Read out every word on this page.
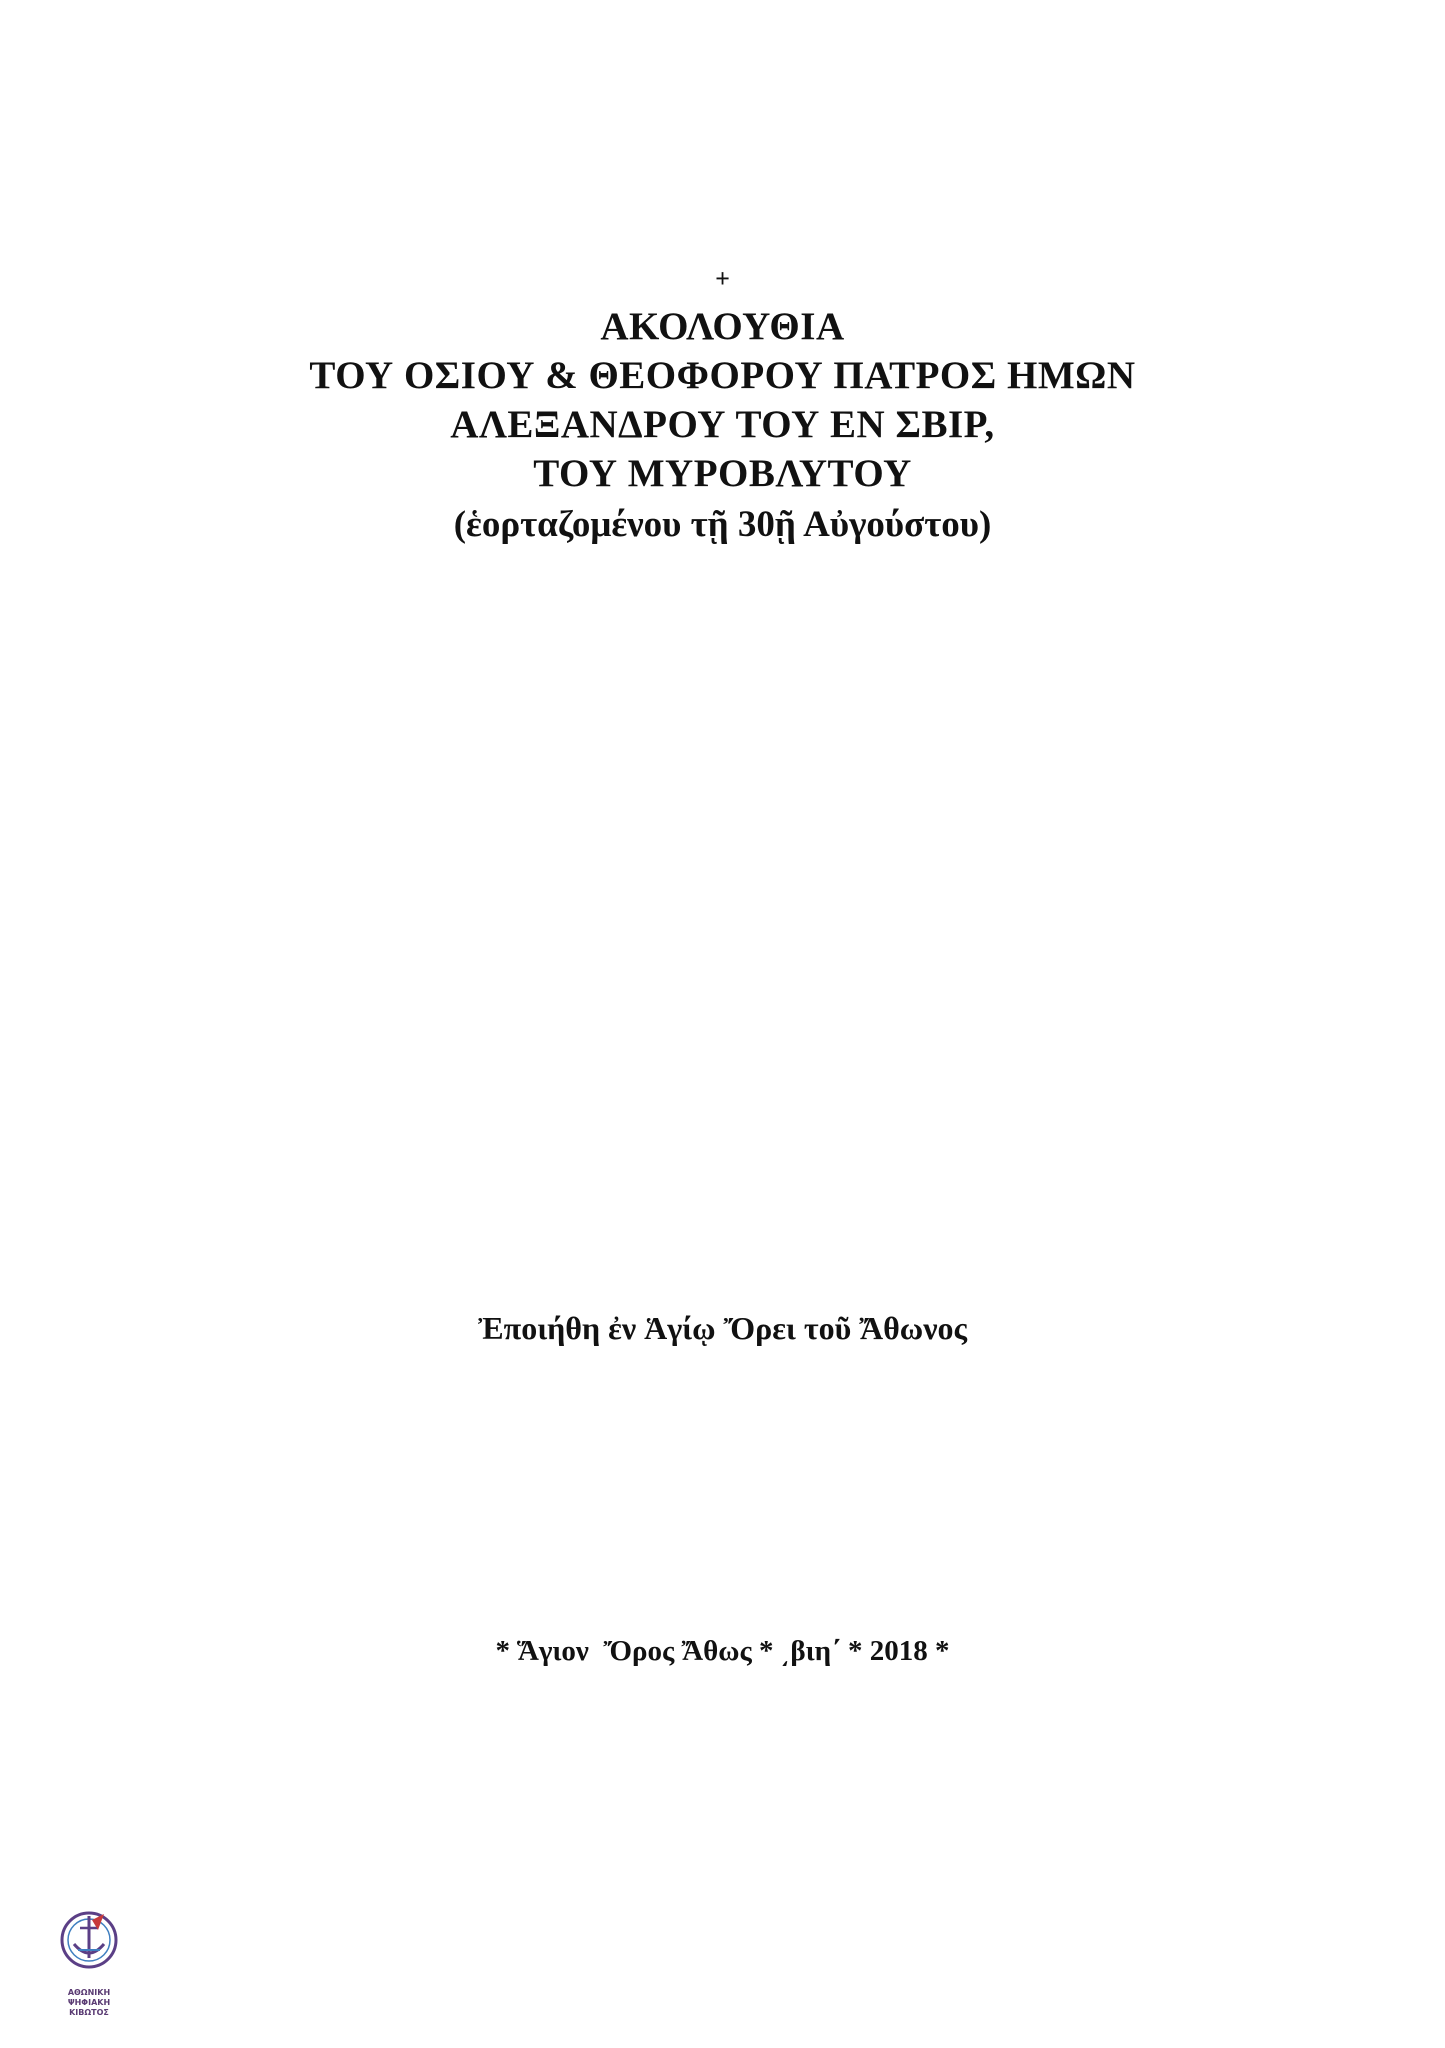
+
ΑΚΟΛΟΥΘΙΑ
ΤΟΥ ΟΣΙΟΥ & ΘΕΟΦΟΡΟΥ ΠΑΤΡΟΣ ΗΜΩΝ
ΑΛΕΞΑΝΔΡΟΥ ΤΟΥ ΕΝ ΣΒΙΡ,
ΤΟΥ ΜΥΡΟΒΛΥΤΟΥ
(ἑορταζομένου τῇ 30ῇ Αὐγούστου)
Ἐποιήθη ἐν Ἁγίῳ Ὄρει τοῦ Ἄθωνος
* Ἅγιον  Ὄρος Ἄθως * ͵βιη΄ * 2018 *
ΑΘΩΝΙΚΗ
ΨΗΦΙΑΚΗ ΚΙΒΩΤΟΣ
